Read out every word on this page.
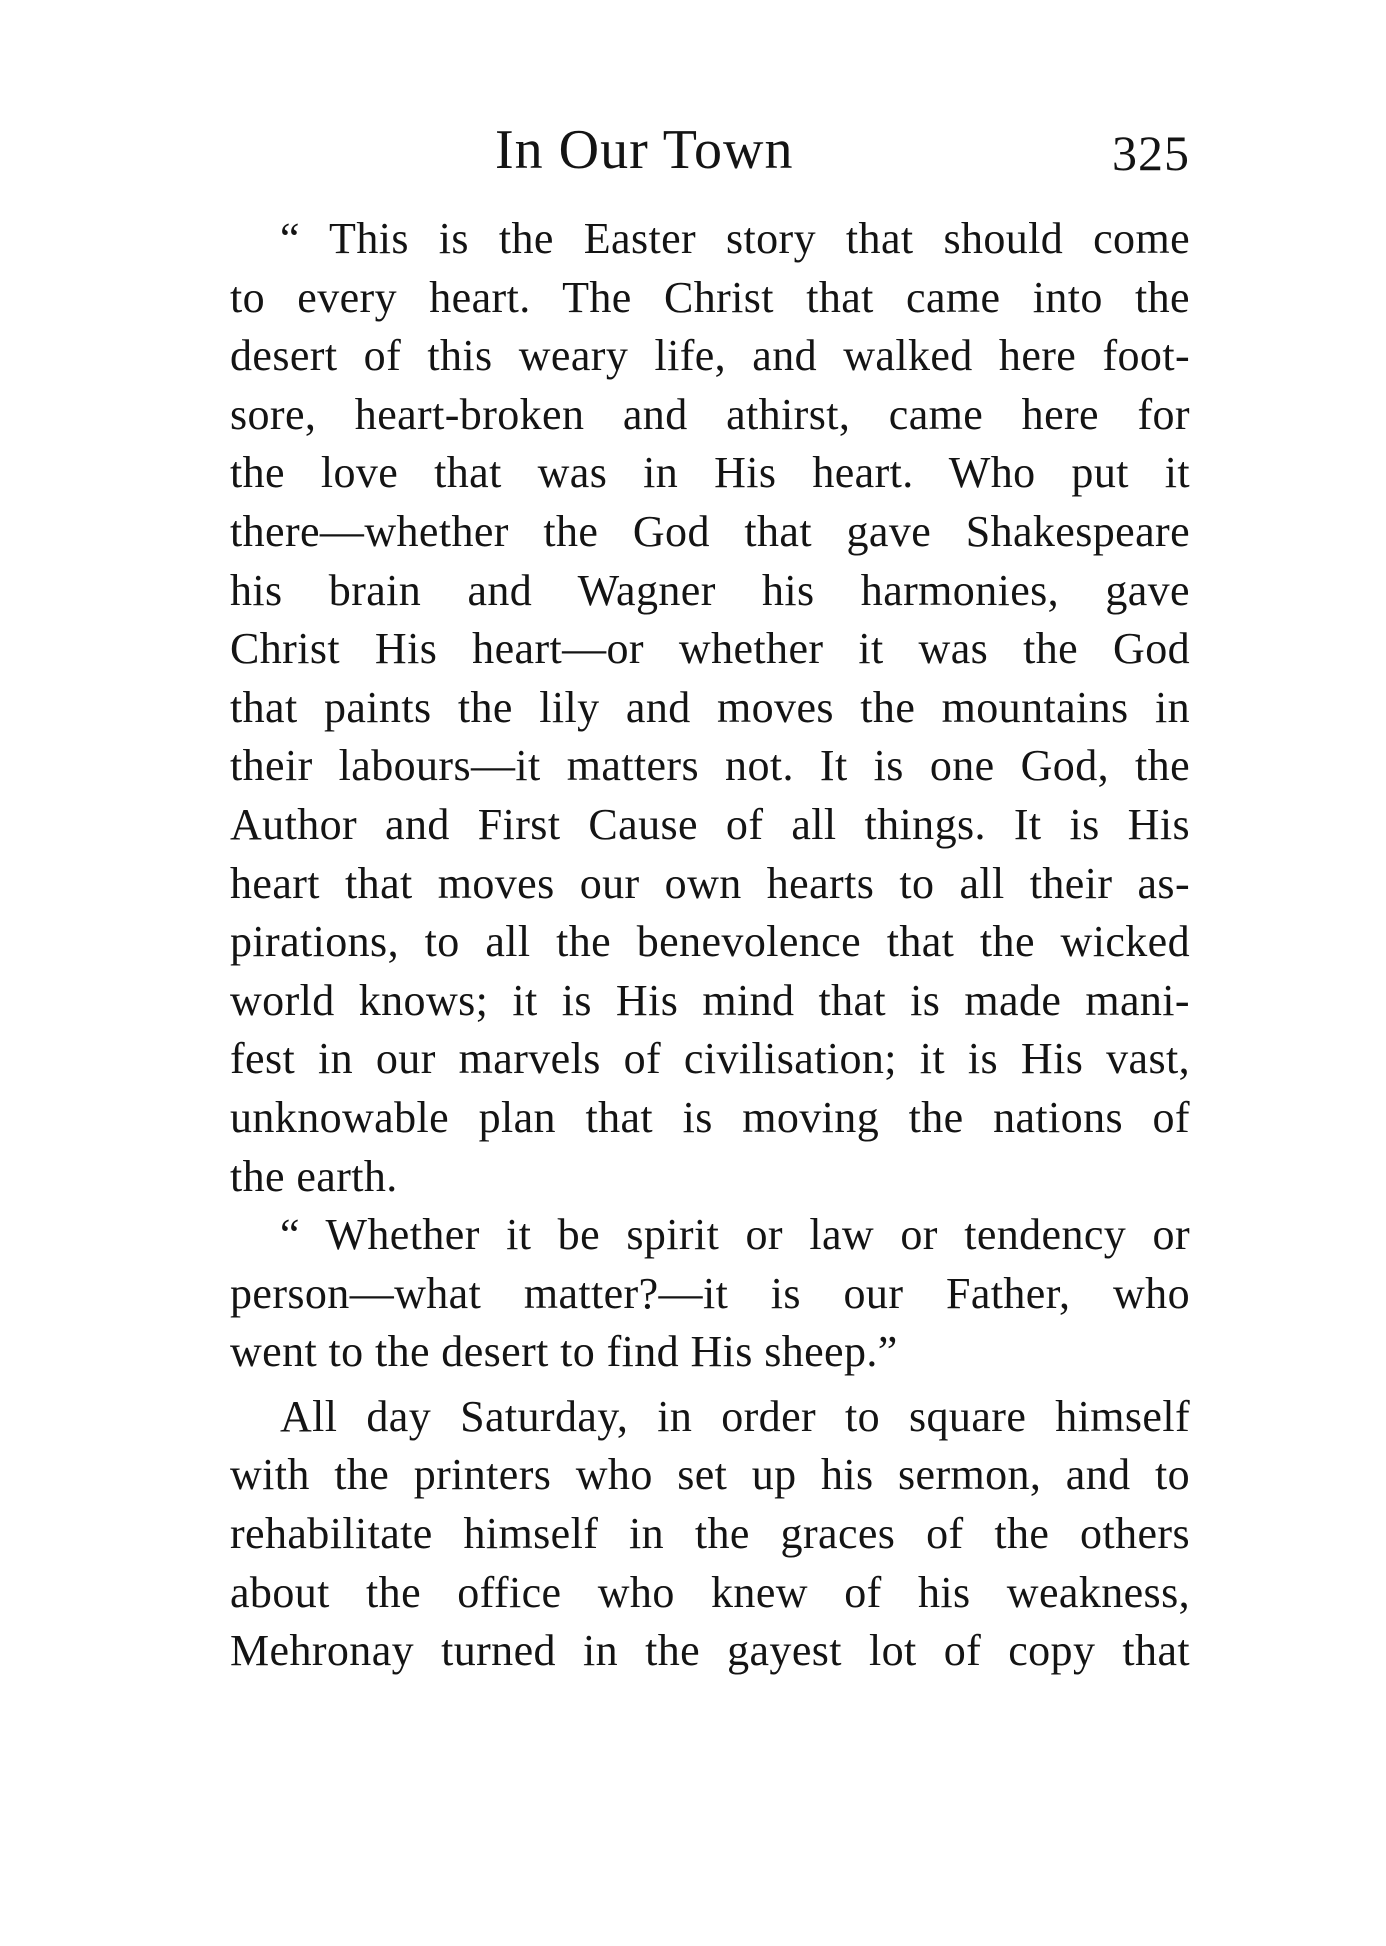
In Our Town	325
“ This is the Easter story that should come
to every heart. The Christ that came into the
desert of this weary life, and walked here foot-
sore, heart-broken and athirst, came here for
the love that was in His heart. Who put it
there—whether the God that gave Shakespeare
his brain and Wagner his harmonies, gave
Christ His heart—or whether it was the God
that paints the lily and moves the mountains in
their labours—it matters not. It is one God, the
Author and First Cause of all things. It is His
heart that moves our own hearts to all their as-
pirations, to all the benevolence that the wicked
world knows; it is His mind that is made mani-
fest in our marvels of civilisation; it is His vast,
unknowable plan that is moving the nations of
the earth.
“ Whether it be spirit or law or tendency or
person—what matter?—it is our Father, who
went to the desert to find His sheep.”
All day Saturday, in order to square himself
with the printers who set up his sermon, and to
rehabilitate himself in the graces of the others
about the office who knew of his weakness,
Mehronay turned in the gayest lot of copy that
